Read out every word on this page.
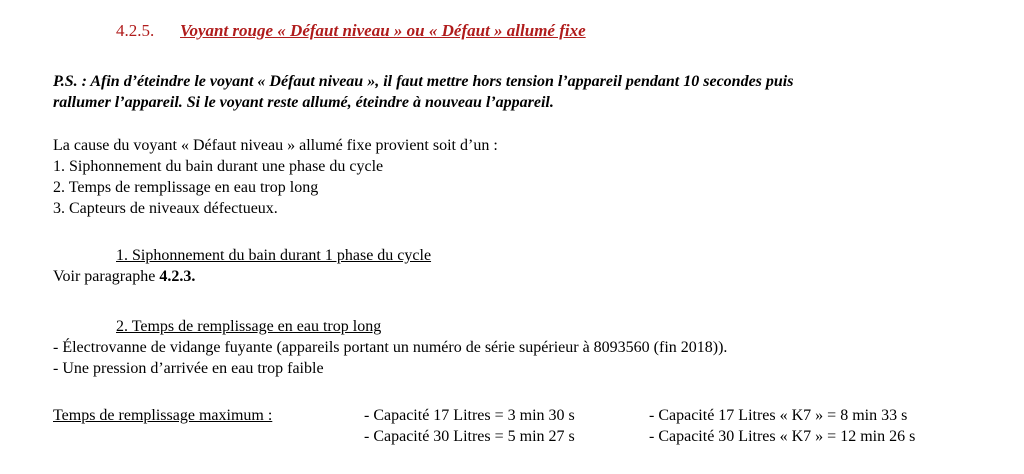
4.2.5. Voyant rouge « Défaut niveau » ou « Défaut » allumé fixe
P.S. : Afin d’éteindre le voyant « Défaut niveau », il faut mettre hors tension l’appareil pendant 10 secondes puis
rallumer l’appareil. Si le voyant reste allumé, éteindre à nouveau l’appareil.
La cause du voyant « Défaut niveau » allumé fixe provient soit d’un :
1. Siphonnement du bain durant une phase du cycle
2. Temps de remplissage en eau trop long
3. Capteurs de niveaux défectueux.
1. Siphonnement du bain durant 1 phase du cycle
Voir paragraphe 4.2.3.
2. Temps de remplissage en eau trop long
- Électrovanne de vidange fuyante (appareils portant un numéro de série supérieur à 8093560 (fin 2018)).
- Une pression d’arrivée en eau trop faible
Temps de remplissage maximum :	- Capacité 17 Litres = 3 min 30 s
- Capacité 30 Litres = 5 min 27 s
- Capacité 17 Litres « K7 » = 8 min 33 s
- Capacité 30 Litres « K7 » = 12 min 26 s
